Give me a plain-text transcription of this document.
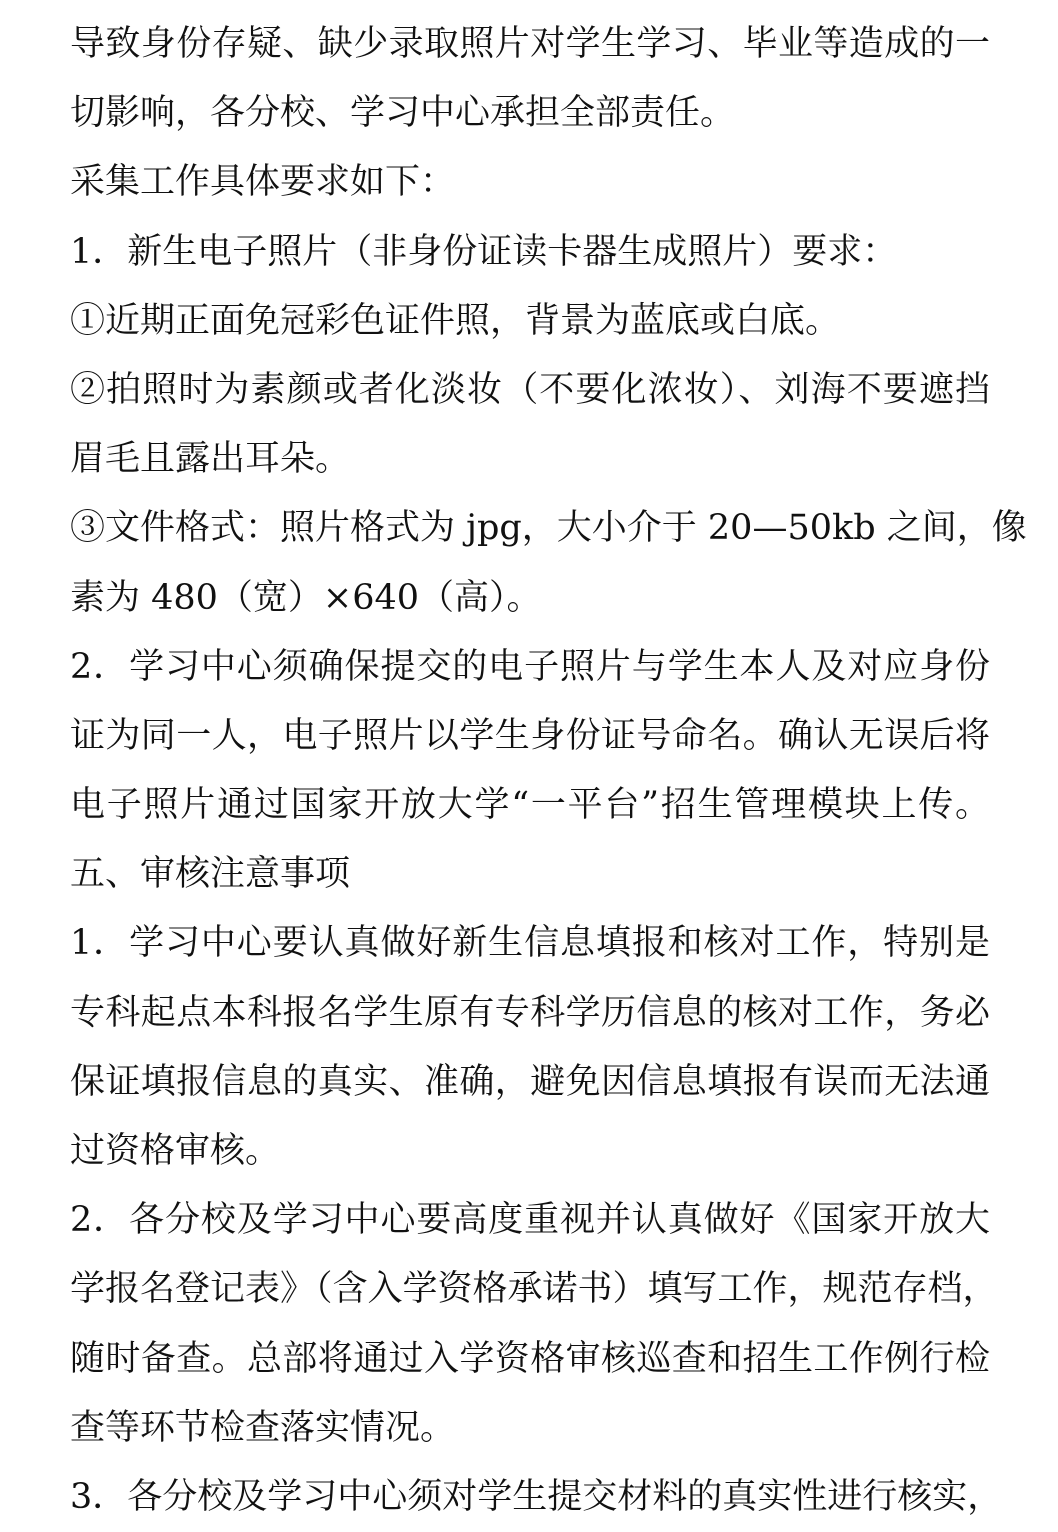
导致身份存疑、缺少录取照片对学生学习、毕业等造成的一
切影响，各分校、学习中心承担全部责任。
采集工作具体要求如下：
1．新生电子照片（非身份证读卡器生成照片）要求：
①近期正面免冠彩色证件照，背景为蓝底或白底。
②拍照时为素颜或者化淡妆（不要化浓妆）、刘海不要遮挡
眉毛且露出耳朵。
③文件格式：照片格式为 jpg，大小介于 20—50kb 之间，像
素为 480（宽）×640（高）。
2．学习中心须确保提交的电子照片与学生本人及对应身份
证为同一人，电子照片以学生身份证号命名。确认无误后将
电子照片通过国家开放大学“一平台”招生管理模块上传。
五、审核注意事项
1．学习中心要认真做好新生信息填报和核对工作，特别是
专科起点本科报名学生原有专科学历信息的核对工作，务必
保证填报信息的真实、准确，避免因信息填报有误而无法通
过资格审核。
2．各分校及学习中心要高度重视并认真做好《国家开放大
学报名登记表》（含入学资格承诺书）填写工作，规范存档，
随时备查。总部将通过入学资格审核巡查和招生工作例行检
查等环节检查落实情况。
3．各分校及学习中心须对学生提交材料的真实性进行核实，
